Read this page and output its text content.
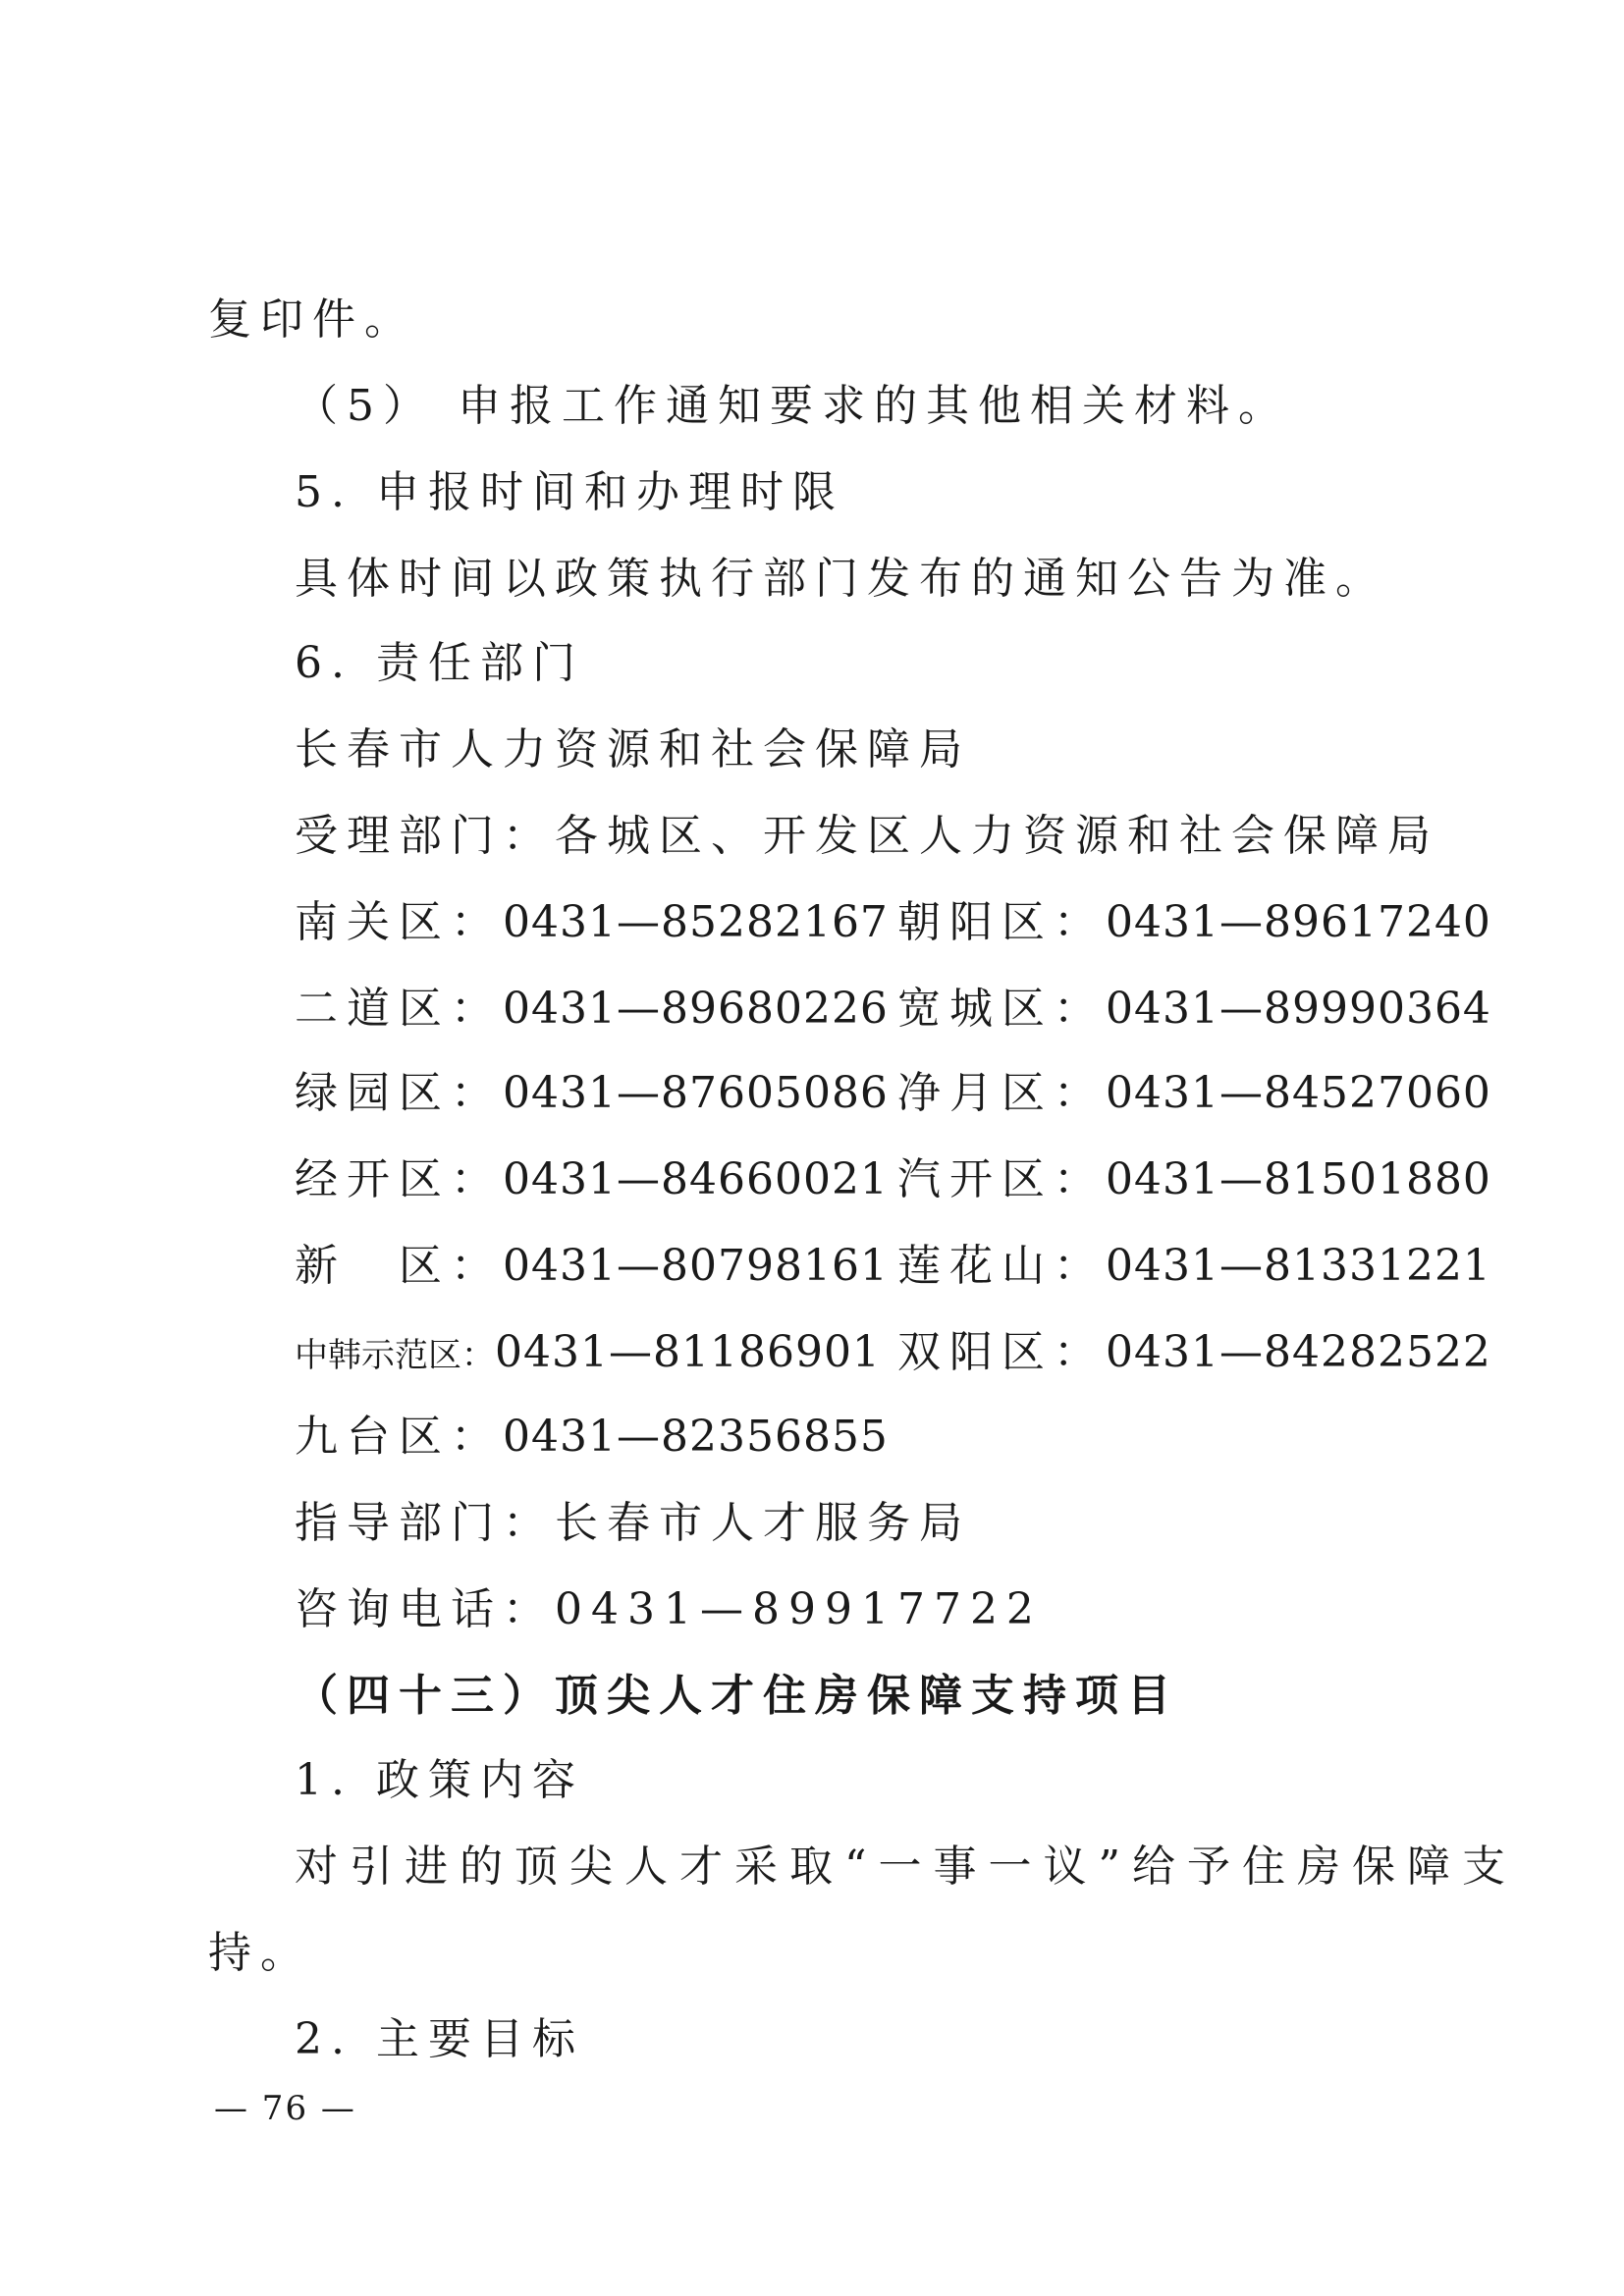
复印件。
（5） 申报工作通知要求的其他相关材料。
5. 申报时间和办理时限
具体时间以政策执行部门发布的通知公告为准。
6. 责任部门
长春市人力资源和社会保障局
受理部门：各城区、开发区人力资源和社会保障局
南关区：0431—85282167 朝阳区：0431—89617240
二道区：0431—89680226 宽城区：0431—89990364
绿园区：0431—87605086 净月区：0431—84527060
经开区：0431—84660021 汽开区：0431—81501880
新　区：0431—80798161 莲花山：0431—81331221
中韩示范区：0431—81186901 双阳区：0431—84282522
九台区：0431—82356855
指导部门：长春市人才服务局
咨询电话：0431—89917722
（四十三）顶尖人才住房保障支持项目
1. 政策内容
对引进的顶尖人才采取“一事一议”给予住房保障支
持。
2. 主要目标
— 76 —
